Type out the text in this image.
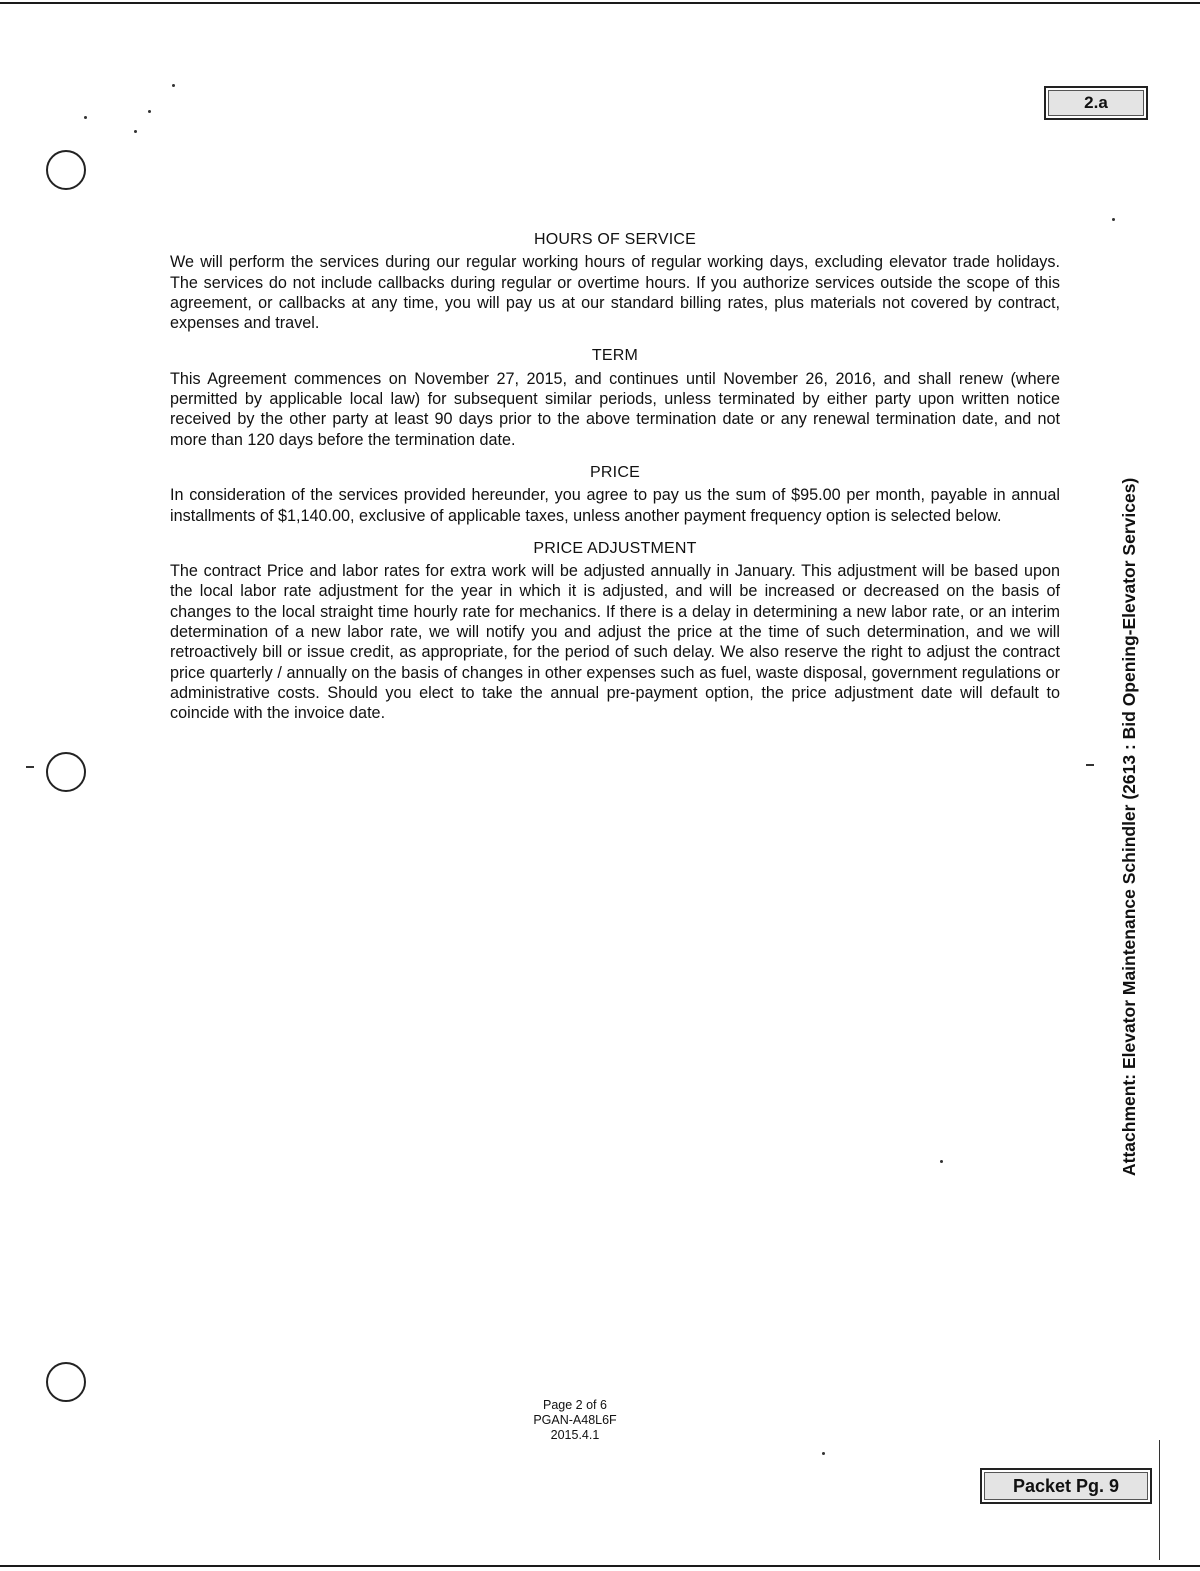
2.a
HOURS OF SERVICE

We will perform the services during our regular working hours of regular working days, excluding elevator trade holidays. The services do not include callbacks during regular or overtime hours. If you authorize services outside the scope of this agreement, or callbacks at any time, you will pay us at our standard billing rates, plus materials not covered by contract, expenses and travel.

TERM

This Agreement commences on November 27, 2015, and continues until November 26, 2016, and shall renew (where permitted by applicable local law) for subsequent similar periods, unless terminated by either party upon written notice received by the other party at least 90 days prior to the above termination date or any renewal termination date, and not more than 120 days before the termination date.

PRICE

In consideration of the services provided hereunder, you agree to pay us the sum of $95.00 per month, payable in annual installments of $1,140.00, exclusive of applicable taxes, unless another payment frequency option is selected below.

PRICE ADJUSTMENT

The contract Price and labor rates for extra work will be adjusted annually in January. This adjustment will be based upon the local labor rate adjustment for the year in which it is adjusted, and will be increased or decreased on the basis of changes to the local straight time hourly rate for mechanics. If there is a delay in determining a new labor rate, or an interim determination of a new labor rate, we will notify you and adjust the price at the time of such determination, and we will retroactively bill or issue credit, as appropriate, for the period of such delay. We also reserve the right to adjust the contract price quarterly / annually on the basis of changes in other expenses such as fuel, waste disposal, government regulations or administrative costs. Should you elect to take the annual pre-payment option, the price adjustment date will default to coincide with the invoice date.	Attachment: Elevator Maintenance Schindler (2613 : Bid Opening-Elevator Services)
Page 2 of 6
PGAN-A48L6F
2015.4.1
Packet Pg. 9
